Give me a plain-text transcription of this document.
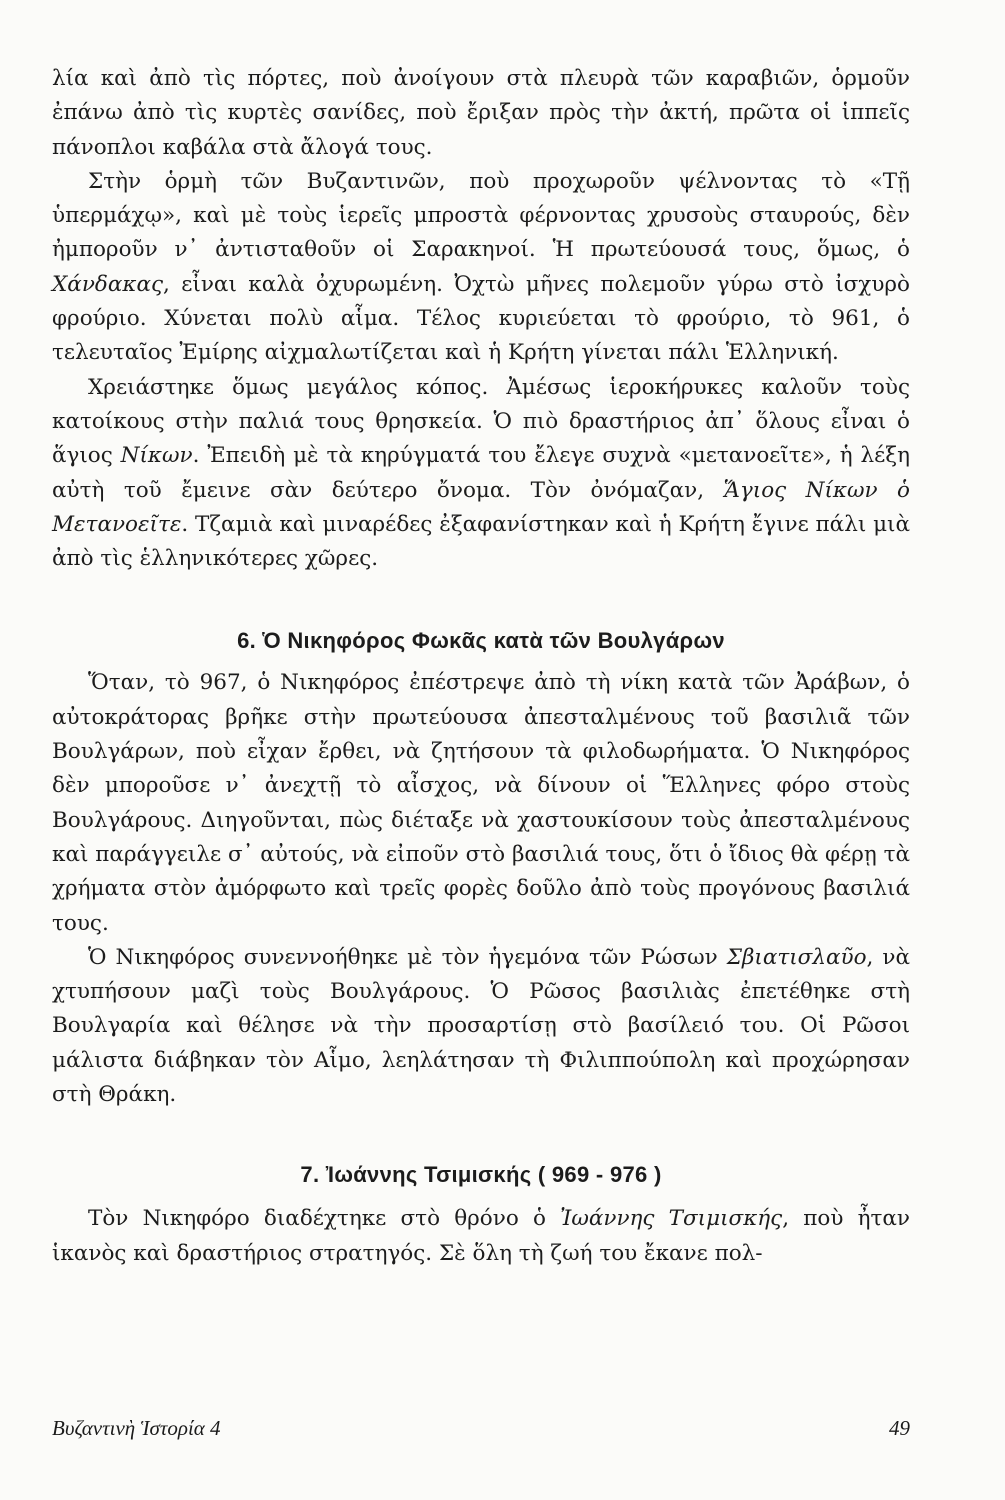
λία καὶ ἀπὸ τὶς πόρτες, ποὺ ἀνοίγουν στὰ πλευρὰ τῶν καραβιῶν, ὁρμοῦν ἐπάνω ἀπὸ τὶς κυρτὲς σανίδες, ποὺ ἔριξαν πρὸς τὴν ἀκτή, πρῶτα οἱ ἱππεῖς πάνοπλοι καβάλα στὰ ἄλογά τους.

Στὴν ὁρμὴ τῶν Βυζαντινῶν, ποὺ προχωροῦν ψέλνοντας τὸ «Τῇ ὑπερμάχῳ», καὶ μὲ τοὺς ἱερεῖς μπροστὰ φέρνοντας χρυσοὺς σταυρούς, δὲν ἠμποροῦν ν᾽ ἀντισταθοῦν οἱ Σαρακηνοί. Ἡ πρωτεύουσά τους, ὅμως, ὁ Χάνδακας, εἶναι καλὰ ὀχυρωμένη. Ὀχτὼ μῆνες πολεμοῦν γύρω στὸ ἰσχυρὸ φρούριο. Χύνεται πολὺ αἷμα. Τέλος κυριεύεται τὸ φρούριο, τὸ 961, ὁ τελευταῖος Ἐμίρης αἰχμαλωτίζεται καὶ ἡ Κρήτη γίνεται πάλι Ἑλληνική.

Χρειάστηκε ὅμως μεγάλος κόπος. Ἀμέσως ἱεροκήρυκες καλοῦν τοὺς κατοίκους στὴν παλιά τους θρησκεία. Ὁ πιὸ δραστήριος ἀπ᾽ ὅλους εἶναι ὁ ἅγιος Νίκων. Ἐπειδὴ μὲ τὰ κηρύγματά του ἔλεγε συχνὰ «μετανοεῖτε», ἡ λέξη αὐτὴ τοῦ ἔμεινε σὰν δεύτερο ὄνομα. Τὸν ὀνόμαζαν, Ἅγιος Νίκων ὁ Μετανοεῖτε. Τζαμιὰ καὶ μιναρέδες ἐξαφανίστηκαν καὶ ἡ Κρήτη ἔγινε πάλι μιὰ ἀπὸ τὶς ἑλληνικότερες χῶρες.

6. Ὁ Νικηφόρος Φωκᾶς κατὰ τῶν Βουλγάρων

Ὅταν, τὸ 967, ὁ Νικηφόρος ἐπέστρεψε ἀπὸ τὴ νίκη κατὰ τῶν Ἀράβων, ὁ αὐτοκράτορας βρῆκε στὴν πρωτεύουσα ἀπεσταλμένους τοῦ βασιλιᾶ τῶν Βουλγάρων, ποὺ εἶχαν ἔρθει, νὰ ζητήσουν τὰ φιλοδωρήματα. Ὁ Νικηφόρος δὲν μποροῦσε ν᾽ ἀνεχτῇ τὸ αἶσχος, νὰ δίνουν οἱ Ἕλληνες φόρο στοὺς Βουλγάρους. Διηγοῦνται, πὼς διέταξε νὰ χαστουκίσουν τοὺς ἀπεσταλμένους καὶ παράγγειλε σ᾽ αὐτούς, νὰ εἰποῦν στὸ βασιλιά τους, ὅτι ὁ ἴδιος θὰ φέρῃ τὰ χρήματα στὸν ἀμόρφωτο καὶ τρεῖς φορὲς δοῦλο ἀπὸ τοὺς προγόνους βασιλιά τους.

Ὁ Νικηφόρος συνεννοήθηκε μὲ τὸν ἡγεμόνα τῶν Ρώσων Σβιατισλαῦο, νὰ χτυπήσουν μαζὶ τοὺς Βουλγάρους. Ὁ Ρῶσος βασιλιὰς ἐπετέθηκε στὴ Βουλγαρία καὶ θέλησε νὰ τὴν προσαρτίσῃ στὸ βασίλειό του. Οἱ Ρῶσοι μάλιστα διάβηκαν τὸν Αἷμο, λεηλάτησαν τὴ Φιλιππούπολη καὶ προχώρησαν στὴ Θράκη.

7. Ἰωάννης Τσιμισκής ( 969 - 976 )

Τὸν Νικηφόρο διαδέχτηκε στὸ θρόνο ὁ Ἰωάννης Τσιμισκής, ποὺ ἦταν ἱκανὸς καὶ δραστήριος στρατηγός. Σὲ ὅλη τὴ ζωή του ἔκανε πολ-

Βυζαντινὴ Ἱστορία 4	49
